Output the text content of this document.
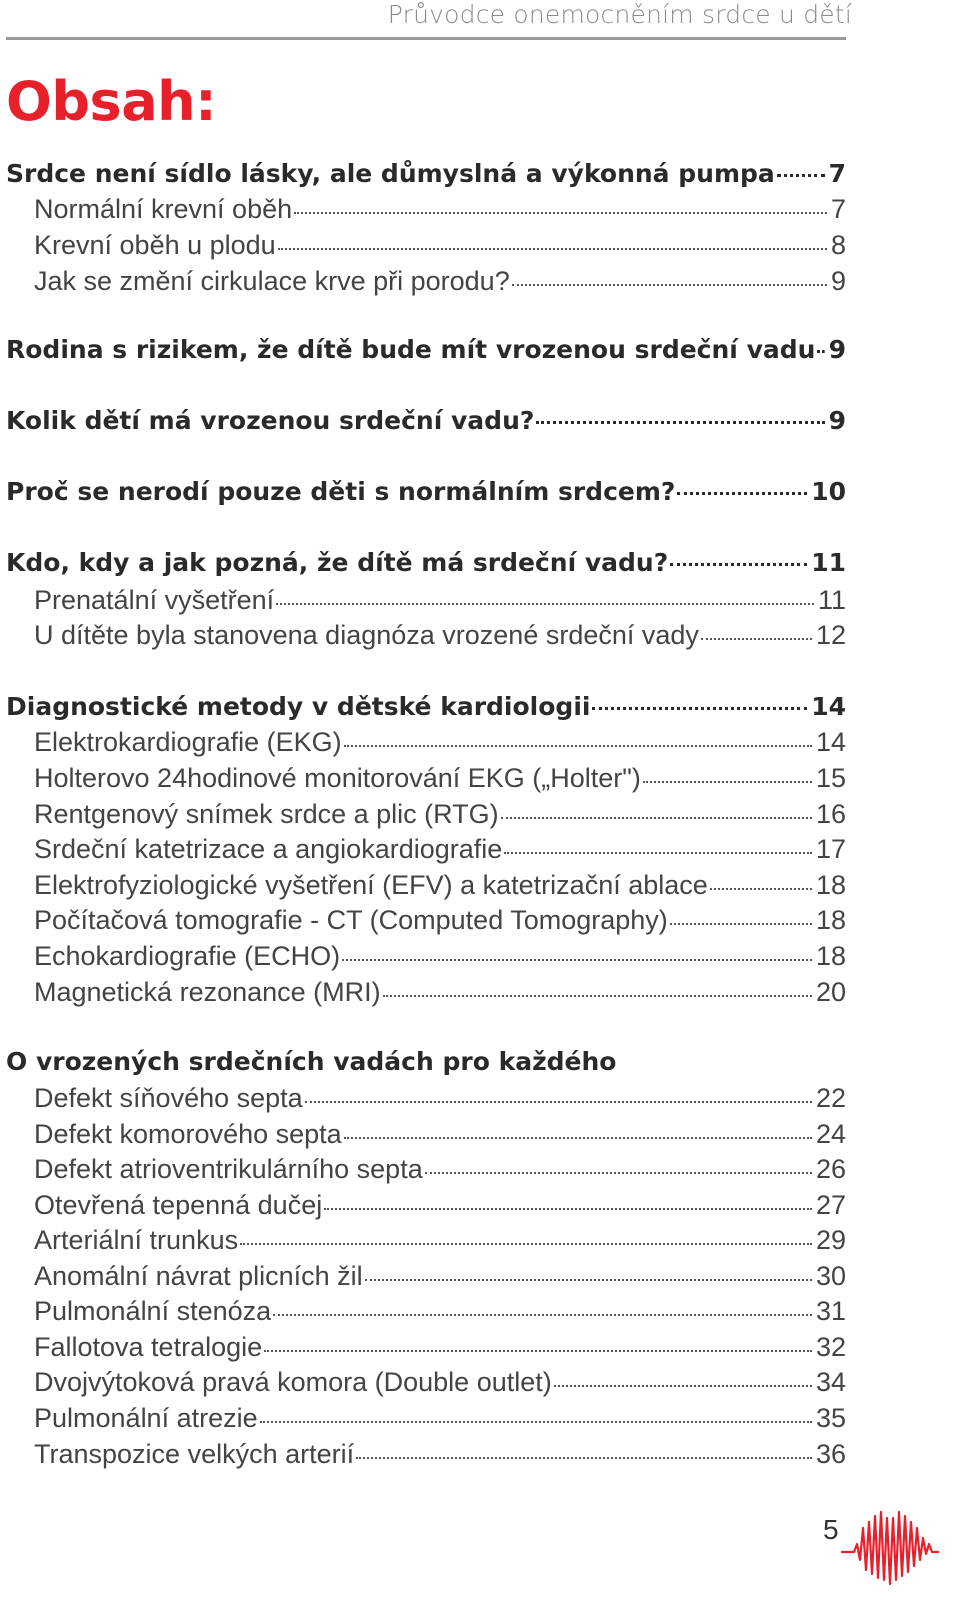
Průvodce onemocněním srdce u dětí
Obsah:
Srdce není sídlo lásky, ale důmyslná a výkonná pumpa 7
Normální krevní oběh	7
Krevní oběh u plodu	8
Jak se změní cirkulace krve při porodu?	9
Rodina s rizikem, že dítě bude mít vrozenou srdeční vadu 9
Kolik dětí má vrozenou srdeční vadu?	9
Proč se nerodí pouze děti s normálním srdcem?	10
Kdo, kdy a jak pozná, že dítě má srdeční vadu?	11
Prenatální vyšetření	11
U dítěte byla stanovena diagnóza vrozené srdeční vady	12
Diagnostické metody v dětské kardiologii	14
Elektrokardiografie (EKG)	14
Holterovo 24hodinové monitorování EKG („Holter")	15
Rentgenový snímek srdce a plic (RTG)	16
Srdeční katetrizace a angiokardiografie	17
Elektrofyziologické vyšetření (EFV) a katetrizační ablace	18
Počítačová tomografie - CT (Computed Tomography)	18
Echokardiografie (ECHO)	18
Magnetická rezonance (MRI)	20
O vrozených srdečních vadách pro každého
Defekt síňového septa	22
Defekt komorového septa	24
Defekt atrioventrikulárního septa	26
Otevřená tepenná dučej	27
Arteriální trunkus	29
Anomální návrat plicních žil	30
Pulmonální stenóza	31
Fallotova tetralogie	32
Dvojvýtoková pravá komora (Double outlet)	34
Pulmonální atrezie	35
Transpozice velkých arterií	36
5
